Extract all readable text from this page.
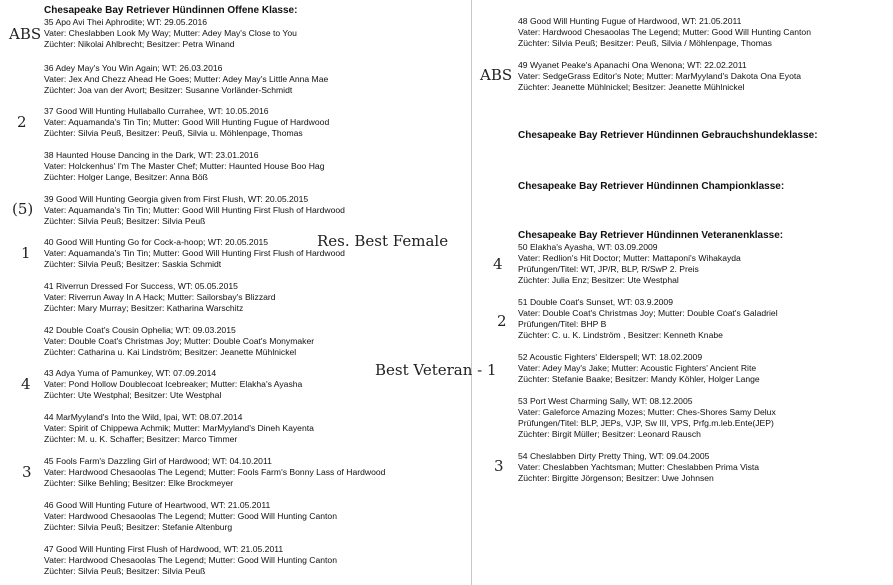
Chesapeake Bay Retriever Hündinnen Offene Klasse:
35 Apo Avi Thei Aphrodite; WT: 29.05.2016
Vater: Cheslabben Look My Way; Mutter: Adey May's Close to You
Züchter: Nikolai Ahlbrecht; Besitzer: Petra Winand
ABS
36 Adey May's You Win Again; WT: 26.03.2016
Vater: Jex And Chezz Ahead He Goes; Mutter: Adey May's Little Anna Mae
Züchter: Joa van der Avort; Besitzer: Susanne Vorländer-Schmidt
37 Good Will Hunting Hullaballo Currahee, WT: 10.05.2016
Vater: Aquamanda's Tin Tin; Mutter: Good Will Hunting Fugue of Hardwood
Züchter: Silvia Peuß, Besitzer: Peuß, Silvia u. Möhlenpage, Thomas
2
38 Haunted House Dancing in the Dark, WT: 23.01.2016
Vater: Holckenhus' I'm The Master Chef; Mutter: Haunted House Boo Hag
Züchter: Holger Lange, Besitzer: Anna Böß
39 Good Will Hunting Georgia given from First Flush, WT: 20.05.2015
Vater: Aquamanda's Tin Tin; Mutter: Good Will Hunting First Flush of Hardwood
Züchter: Silvia Peuß; Besitzer: Silvia Peuß
(5)
40 Good Will Hunting Go for Cock-a-hoop; WT: 20.05.2015
Vater: Aquamanda's Tin Tin; Mutter: Good Will Hunting First Flush of Hardwood
Züchter: Silvia Peuß; Besitzer: Saskia Schmidt
1
Res. Best Female
41 Riverrun Dressed For Success, WT: 05.05.2015
Vater: Riverrun Away In A Hack; Mutter: Sailorsbay's Blizzard
Züchter: Mary Murray; Besitzer: Katharina Warschitz
42 Double Coat's Cousin Ophelia; WT: 09.03.2015
Vater: Double Coat's Christmas Joy; Mutter: Double Coat's Monymaker
Züchter: Catharina u. Kai Lindström; Besitzer: Jeanette Mühlnickel
43 Adya Yuma of Pamunkey, WT: 07.09.2014
Vater: Pond Hollow Doublecoat Icebreaker; Mutter: Elakha's Ayasha
Züchter: Ute Westphal; Besitzer: Ute Westphal
4
44 MarMyyland's Into the Wild, Ipai, WT: 08.07.2014
Vater: Spirit of Chippewa Achmik; Mutter: MarMyyland's Dineh Kayenta
Züchter: M. u. K. Schaffer; Besitzer: Marco Timmer
45 Fools Farm's Dazzling Girl of Hardwood; WT: 04.10.2011
Vater: Hardwood Chesaoolas The Legend; Mutter: Fools Farm's Bonny Lass of Hardwood
Züchter: Silke Behling; Besitzer: Elke Brockmeyer
3
46 Good Will Hunting Future of Heartwood, WT: 21.05.2011
Vater: Hardwood Chesaoolas The Legend; Mutter: Good Will Hunting Canton
Züchter: Silvia Peuß; Besitzer: Stefanie Altenburg
47 Good Will Hunting First Flush of Hardwood, WT: 21.05.2011
Vater: Hardwood Chesaoolas The Legend; Mutter: Good Will Hunting Canton
Züchter: Silvia Peuß; Besitzer: Silvia Peuß
48 Good Will Hunting Fugue of Hardwood, WT: 21.05.2011
Vater: Hardwood Chesaoolas The Legend; Mutter: Good Will Hunting Canton
Züchter: Silvia Peuß; Besitzer: Peuß, Silvia / Möhlenpage, Thomas
49 Wyanet Peake's Apanachi Ona Wenona; WT: 22.02.2011
Vater: SedgeGrass Editor's Note; Mutter: MarMyyland's Dakota Ona Eyota
Züchter: Jeanette Mühlnickel; Besitzer: Jeanette Mühlnickel
ABS
Chesapeake Bay Retriever Hündinnen Gebrauchshundeklasse:
Chesapeake Bay Retriever Hündinnen Championklasse:
Chesapeake Bay Retriever Hündinnen Veteranenklasse:
50 Elakha's Ayasha, WT: 03.09.2009
Vater: Redlion's Hit Doctor; Mutter: Mattaponi's Wihakayda
Prüfungen/Titel: WT, JP/R, BLP, R/SwP 2. Preis
Züchter: Julia Enz; Besitzer: Ute Westphal
4
51 Double Coat's Sunset, WT: 03.9.2009
Vater: Double Coat's Christmas Joy; Mutter: Double Coat's Galadriel
Prüfungen/Titel: BHP B
Züchter: C. u. K. Lindström , Besitzer: Kenneth Knabe
2
52 Acoustic Fighters' Elderspell; WT: 18.02.2009
Vater: Adey May's Jake; Mutter: Acoustic Fighters' Ancient Rite
Züchter: Stefanie Baake; Besitzer: Mandy Köhler, Holger Lange
Best Veteran - 1
53 Port West Charming Sally, WT: 08.12.2005
Vater: Galeforce Amazing Mozes; Mutter: Ches-Shores Samy Delux
Prüfungen/Titel: BLP, JEPs, VJP, Sw III, VPS, Prfg.m.leb.Ente(JEP)
Züchter: Birgit Müller; Besitzer: Leonard Rausch
54 Cheslabben Dirty Pretty Thing, WT: 09.04.2005
Vater: Cheslabben Yachtsman; Mutter: Cheslabben Prima Vista
Züchter: Birgitte Jörgenson; Besitzer: Uwe Johnsen
3
